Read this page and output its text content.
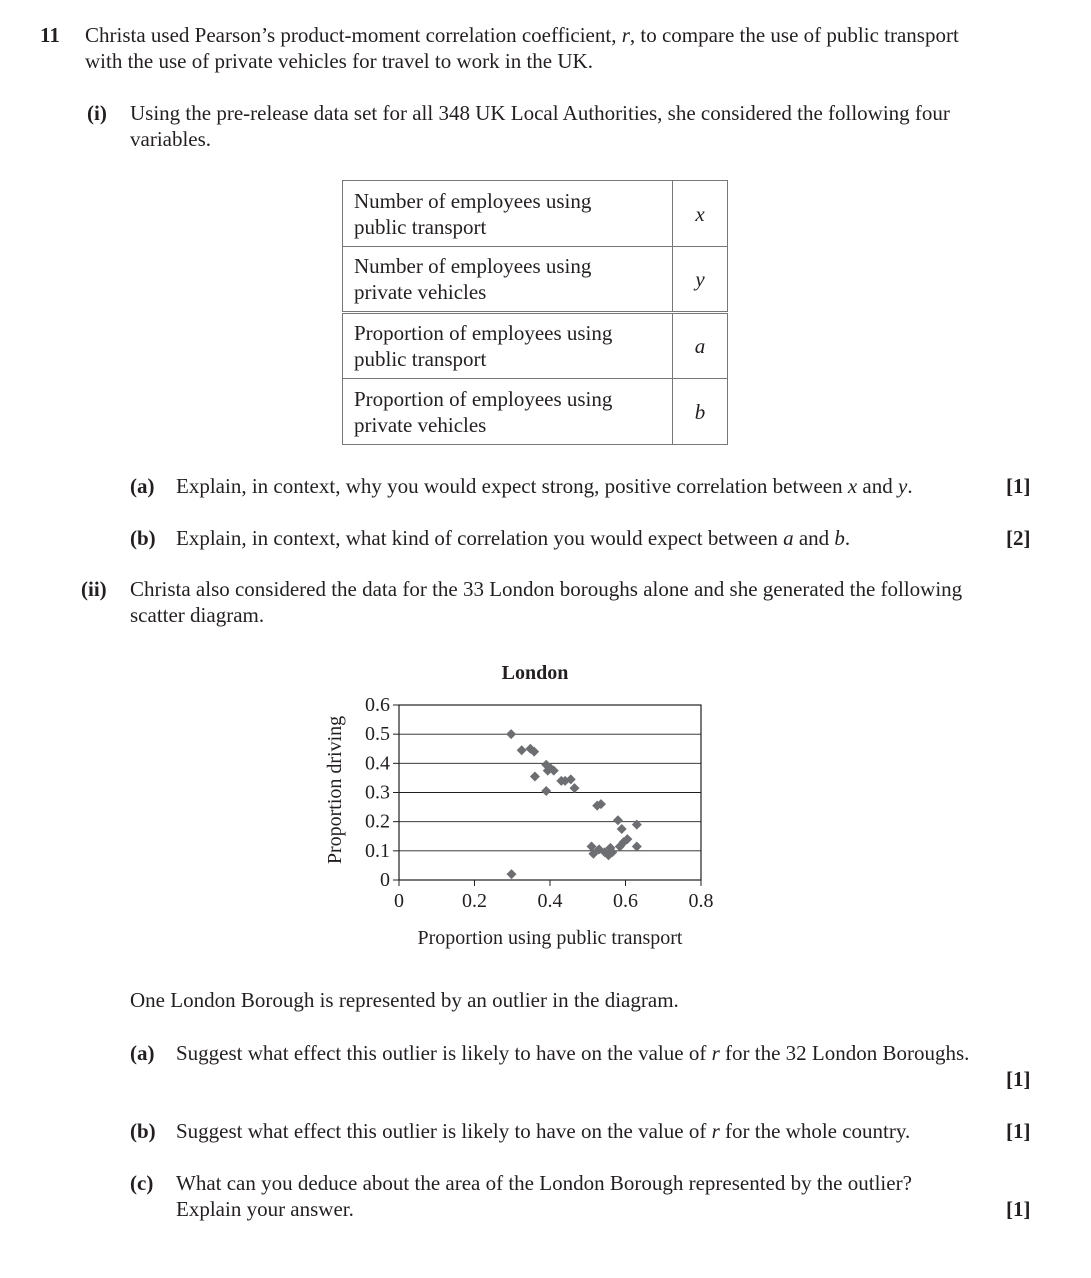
11 Christa used Pearson’s product-moment correlation coefficient, r, to compare the use of public transport
with the use of private vehicles for travel to work in the UK.
(i) Using the pre-release data set for all 348 UK Local Authorities, she considered the following four
variables.
Number of employees using
public transport	x
Number of employees using
private vehicles	y
Proportion of employees using
public transport	a
Proportion of employees using
private vehicles	b
(a) Explain, in context, why you would expect strong, positive correlation between x and y.	[1]
(b) Explain, in context, what kind of correlation you would expect between a and b.	[2]
(ii) Christa also considered the data for the 33 London boroughs alone and she generated the following
scatter diagram.
London
Proportion driving
Proportion using public transport
0
0.1
0.2
0.3
0.4
0.5
0.6
0	0.2	0.4	0.6	0.8
One London Borough is represented by an outlier in the diagram.
(a) Suggest what effect this outlier is likely to have on the value of r for the 32 London Boroughs.
[1]
(b) Suggest what effect this outlier is likely to have on the value of r for the whole country.	[1]
(c) What can you deduce about the area of the London Borough represented by the outlier?
Explain your answer.	[1]
